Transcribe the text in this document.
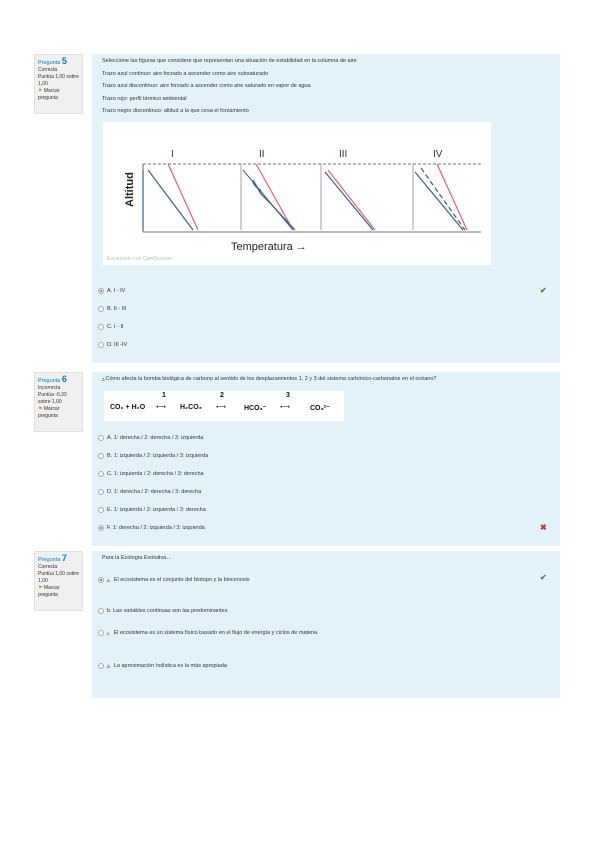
Pregunta 5
Correcta
Puntúa 1,00 sobre 1,00
⚑ Marcar pregunta

Seleccione las figuras que considere que representan una situación de estabilidad en la columna de aire

Trazo azul continuo: aire forzado a ascender como aire subsaturado

Trazo azul discontinuo: aire forzado a ascender como aire saturado en vapor de agua

Trazo rojo: perfil térmico ambiental

Trazo negro discontinuo: altitud a la que cesa el forzamiento

I	II	III	IV
Altitud
Temperatura →
Escaneado con CamScanner
A. I - IV
B. II - III
C. I - II
D. III -IV
✔
Pregunta 6
Incorrecta
Puntúa -0,33 sobre 1,00
⚑ Marcar pregunta

¿Cómo afecta la bomba biológica de carbono al sentido de los desplazamientos 1, 2 y 3 del sistema carbónico-carbonatos en el océano?

1	2	3
CO₂ + H₂O ⟷ H₂CO₃ ⟷	HCO₃⁻ ⟷	CO₃²⁻
A. 1: derecha / 2: derecha / 3: izquierda
B. 1: izquierda / 2: izquierda / 3: izquierda
C. 1: izquierda / 2: derecha / 3: derecha
D. 1: derecha / 2: derecha / 3: derecha
E. 1: izquierda / 2: izquierda / 3: derecha
F. 1: derecha / 2: izquierda / 3: izquierda	✖
Pregunta 7
Correcta
Puntúa 1,00 sobre 1,00
⚑ Marcar pregunta

Para la Ecología Evolutiva…

a. El ecosistema es el conjunto del biotopo y la biocenosis
b. Las variables continuas son las predominantes
c. El ecosistema es un sistema físico basado en el flujo de energía y ciclos de materia
d. La aproximación holística es la más apropiada
✔
